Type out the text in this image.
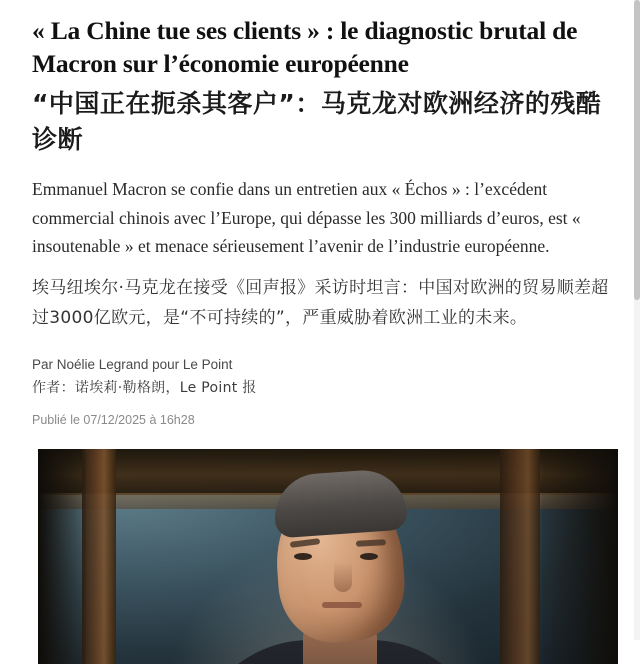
« La Chine tue ses clients » : le diagnostic brutal de Macron sur l’économie européenne
“中国正在扼杀其客户”：马克龙对欧洲经济的残酷诊断

Emmanuel Macron se confie dans un entretien aux « Échos » : l’excédent commercial chinois avec l’Europe, qui dépasse les 300 milliards d’euros, est « insoutenable » et menace sérieusement l’avenir de l’industrie européenne.

埃马纽埃尔·马克龙在接受《回声报》采访时坦言：中国对欧洲的贸易顺差超过3000亿欧元，是“不可持续的”，严重威胁着欧洲工业的未来。

Par Noélie Legrand pour Le Point

作者：诺埃莉·勒格朗，Le Point 报

Publié le 07/12/2025 à 16h28
